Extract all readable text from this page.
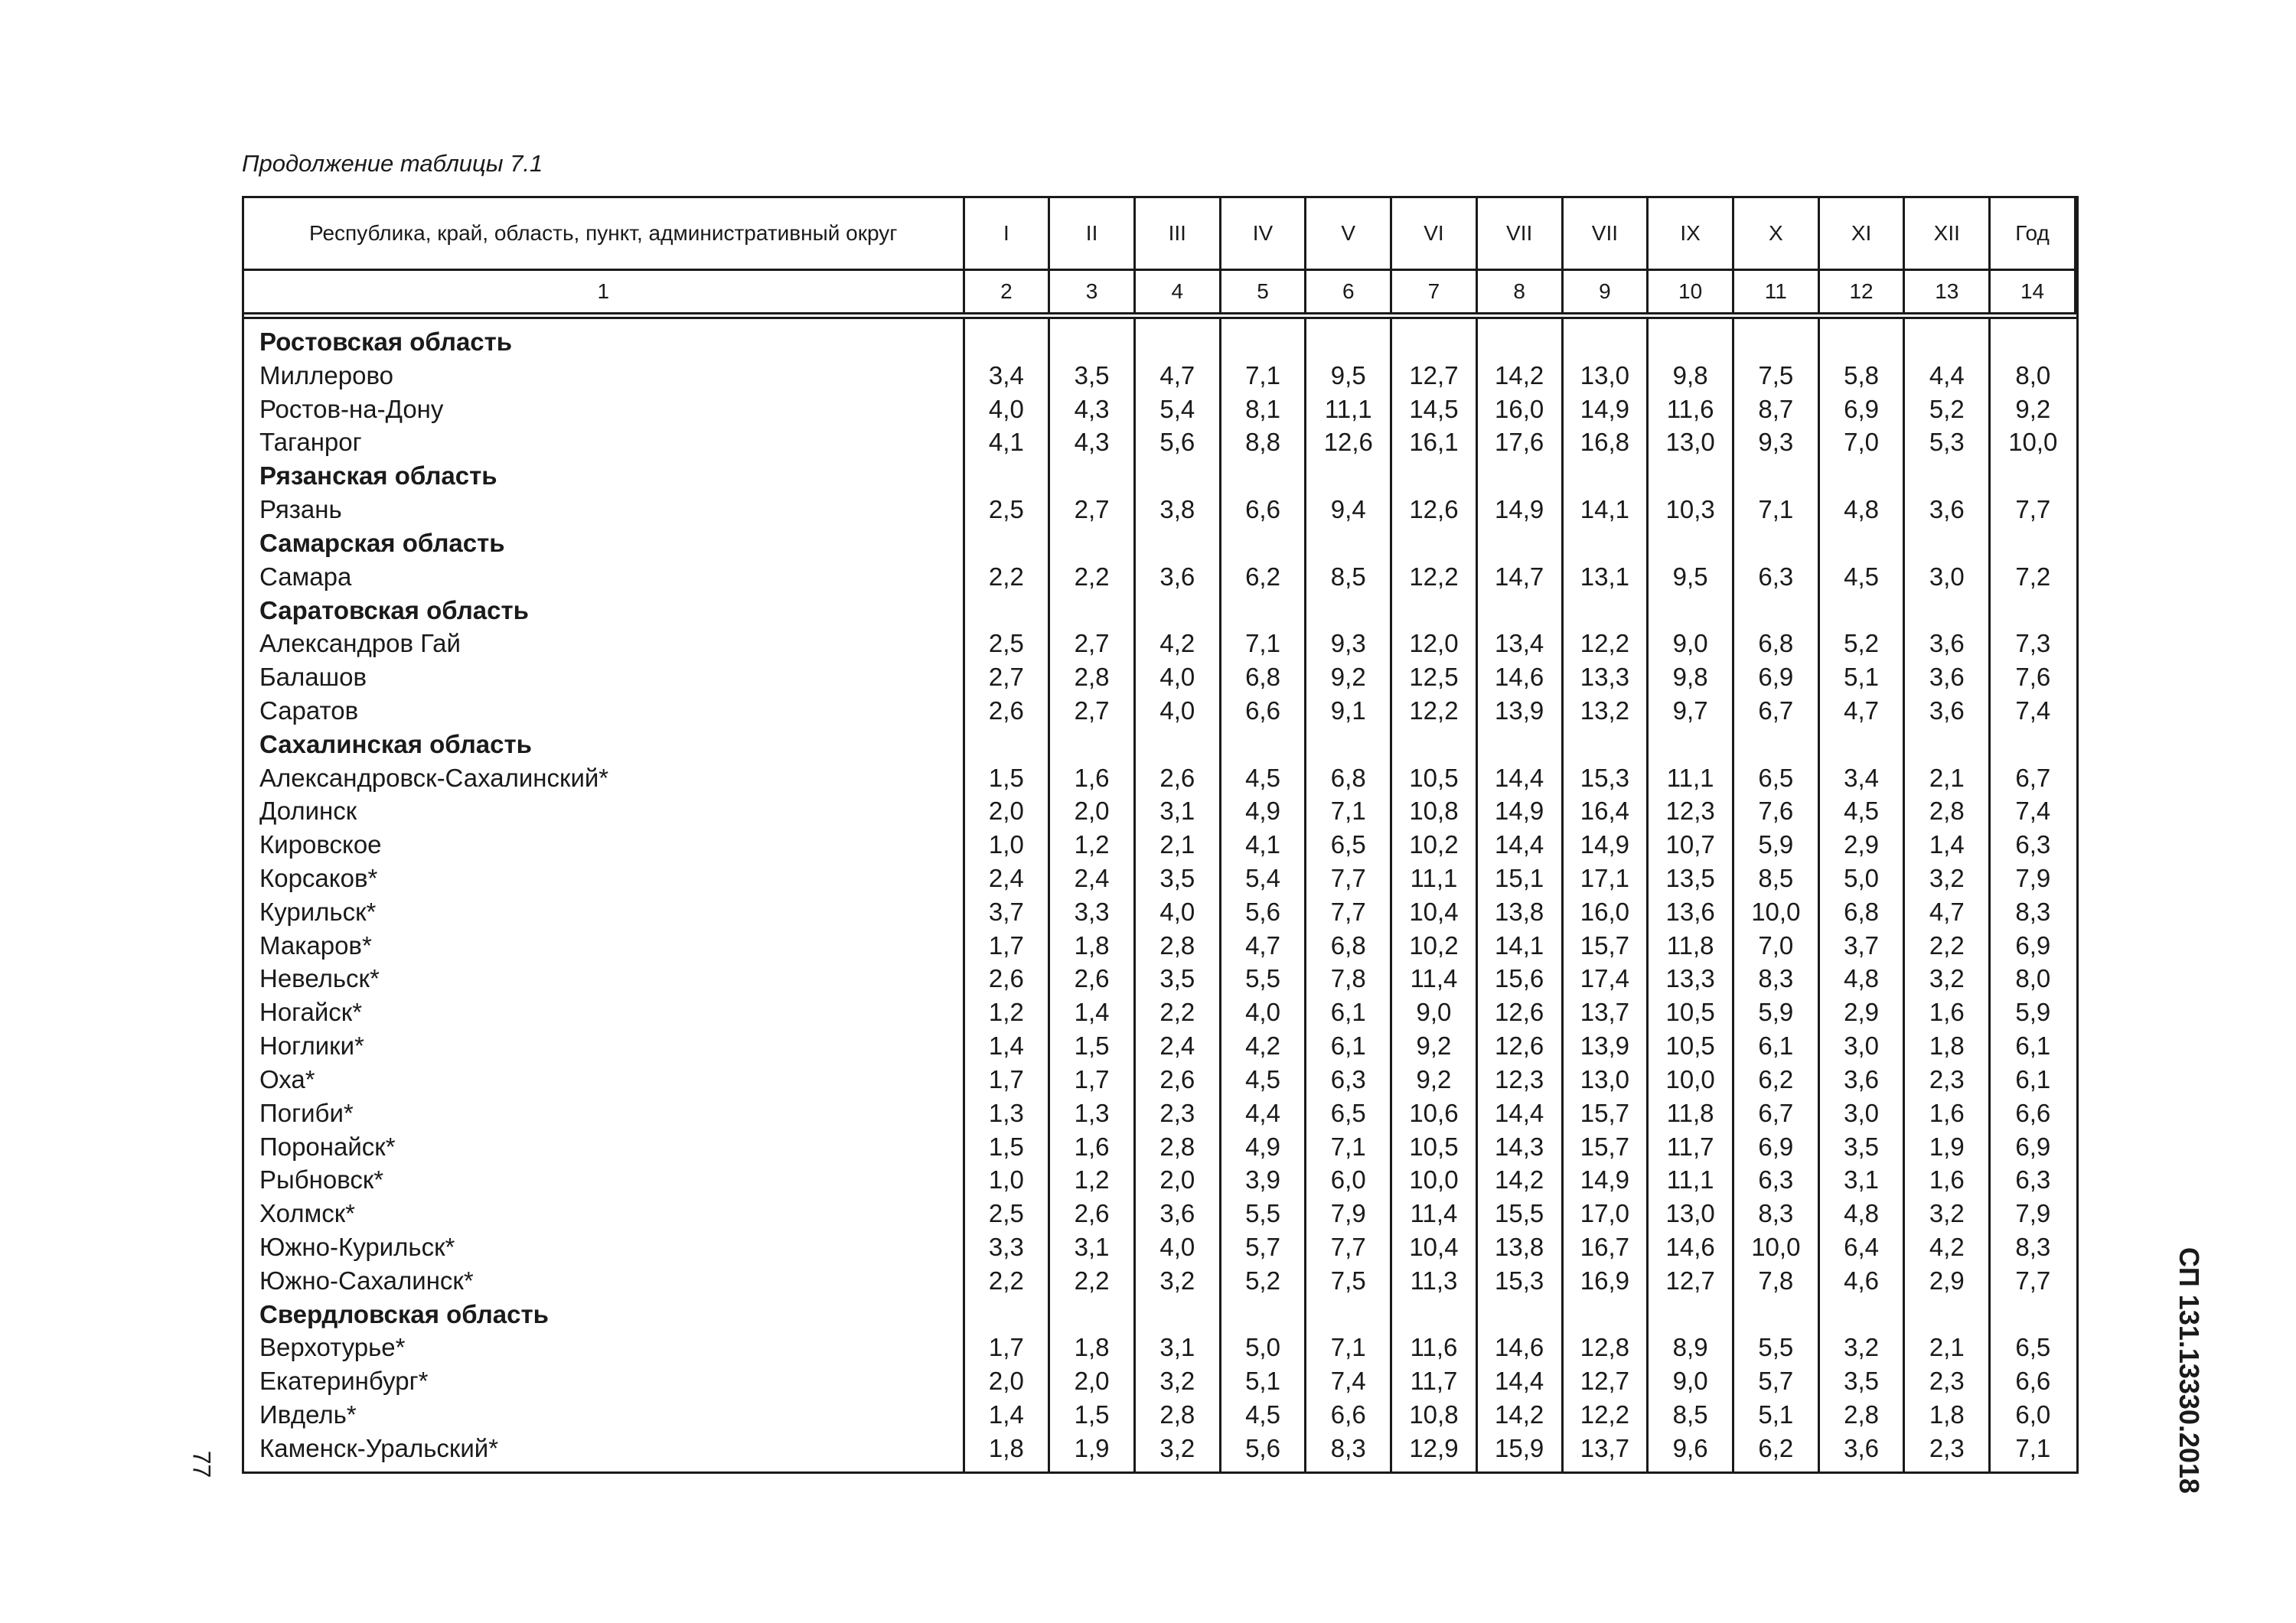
Продолжение таблицы 7.1
Республика, край, область, пункт, административный округ	I	II	III	IV	V	VI	VII	VII	IX	X	XI	XII	Год
1	2	3	4	5	6	7	8	9	10	11	12	13	14

Ростовская область													
Миллерово	3,4	3,5	4,7	7,1	9,5	12,7	14,2	13,0	9,8	7,5	5,8	4,4	8,0
Ростов-на-Дону	4,0	4,3	5,4	8,1	11,1	14,5	16,0	14,9	11,6	8,7	6,9	5,2	9,2
Таганрог	4,1	4,3	5,6	8,8	12,6	16,1	17,6	16,8	13,0	9,3	7,0	5,3	10,0
Рязанская область													
Рязань	2,5	2,7	3,8	6,6	9,4	12,6	14,9	14,1	10,3	7,1	4,8	3,6	7,7
Самарская область													
Самара	2,2	2,2	3,6	6,2	8,5	12,2	14,7	13,1	9,5	6,3	4,5	3,0	7,2
Саратовская область													
Александров Гай	2,5	2,7	4,2	7,1	9,3	12,0	13,4	12,2	9,0	6,8	5,2	3,6	7,3
Балашов	2,7	2,8	4,0	6,8	9,2	12,5	14,6	13,3	9,8	6,9	5,1	3,6	7,6
Саратов	2,6	2,7	4,0	6,6	9,1	12,2	13,9	13,2	9,7	6,7	4,7	3,6	7,4
Сахалинская область													
Александровск-Сахалинский*	1,5	1,6	2,6	4,5	6,8	10,5	14,4	15,3	11,1	6,5	3,4	2,1	6,7
Долинск	2,0	2,0	3,1	4,9	7,1	10,8	14,9	16,4	12,3	7,6	4,5	2,8	7,4
Кировское	1,0	1,2	2,1	4,1	6,5	10,2	14,4	14,9	10,7	5,9	2,9	1,4	6,3
Корсаков*	2,4	2,4	3,5	5,4	7,7	11,1	15,1	17,1	13,5	8,5	5,0	3,2	7,9
Курильск*	3,7	3,3	4,0	5,6	7,7	10,4	13,8	16,0	13,6	10,0	6,8	4,7	8,3
Макаров*	1,7	1,8	2,8	4,7	6,8	10,2	14,1	15,7	11,8	7,0	3,7	2,2	6,9
Невельск*	2,6	2,6	3,5	5,5	7,8	11,4	15,6	17,4	13,3	8,3	4,8	3,2	8,0
Ногайск*	1,2	1,4	2,2	4,0	6,1	9,0	12,6	13,7	10,5	5,9	2,9	1,6	5,9
Ноглики*	1,4	1,5	2,4	4,2	6,1	9,2	12,6	13,9	10,5	6,1	3,0	1,8	6,1
Оха*	1,7	1,7	2,6	4,5	6,3	9,2	12,3	13,0	10,0	6,2	3,6	2,3	6,1
Погиби*	1,3	1,3	2,3	4,4	6,5	10,6	14,4	15,7	11,8	6,7	3,0	1,6	6,6
Поронайск*	1,5	1,6	2,8	4,9	7,1	10,5	14,3	15,7	11,7	6,9	3,5	1,9	6,9
Рыбновск*	1,0	1,2	2,0	3,9	6,0	10,0	14,2	14,9	11,1	6,3	3,1	1,6	6,3
Холмск*	2,5	2,6	3,6	5,5	7,9	11,4	15,5	17,0	13,0	8,3	4,8	3,2	7,9
Южно-Курильск*	3,3	3,1	4,0	5,7	7,7	10,4	13,8	16,7	14,6	10,0	6,4	4,2	8,3
Южно-Сахалинск*	2,2	2,2	3,2	5,2	7,5	11,3	15,3	16,9	12,7	7,8	4,6	2,9	7,7
Свердловская область													
Верхотурье*	1,7	1,8	3,1	5,0	7,1	11,6	14,6	12,8	8,9	5,5	3,2	2,1	6,5
Екатеринбург*	2,0	2,0	3,2	5,1	7,4	11,7	14,4	12,7	9,0	5,7	3,5	2,3	6,6
Ивдель*	1,4	1,5	2,8	4,5	6,6	10,8	14,2	12,2	8,5	5,1	2,8	1,8	6,0
Каменск-Уральский*	1,8	1,9	3,2	5,6	8,3	12,9	15,9	13,7	9,6	6,2	3,6	2,3	7,1

77	СП 131.13330.2018
